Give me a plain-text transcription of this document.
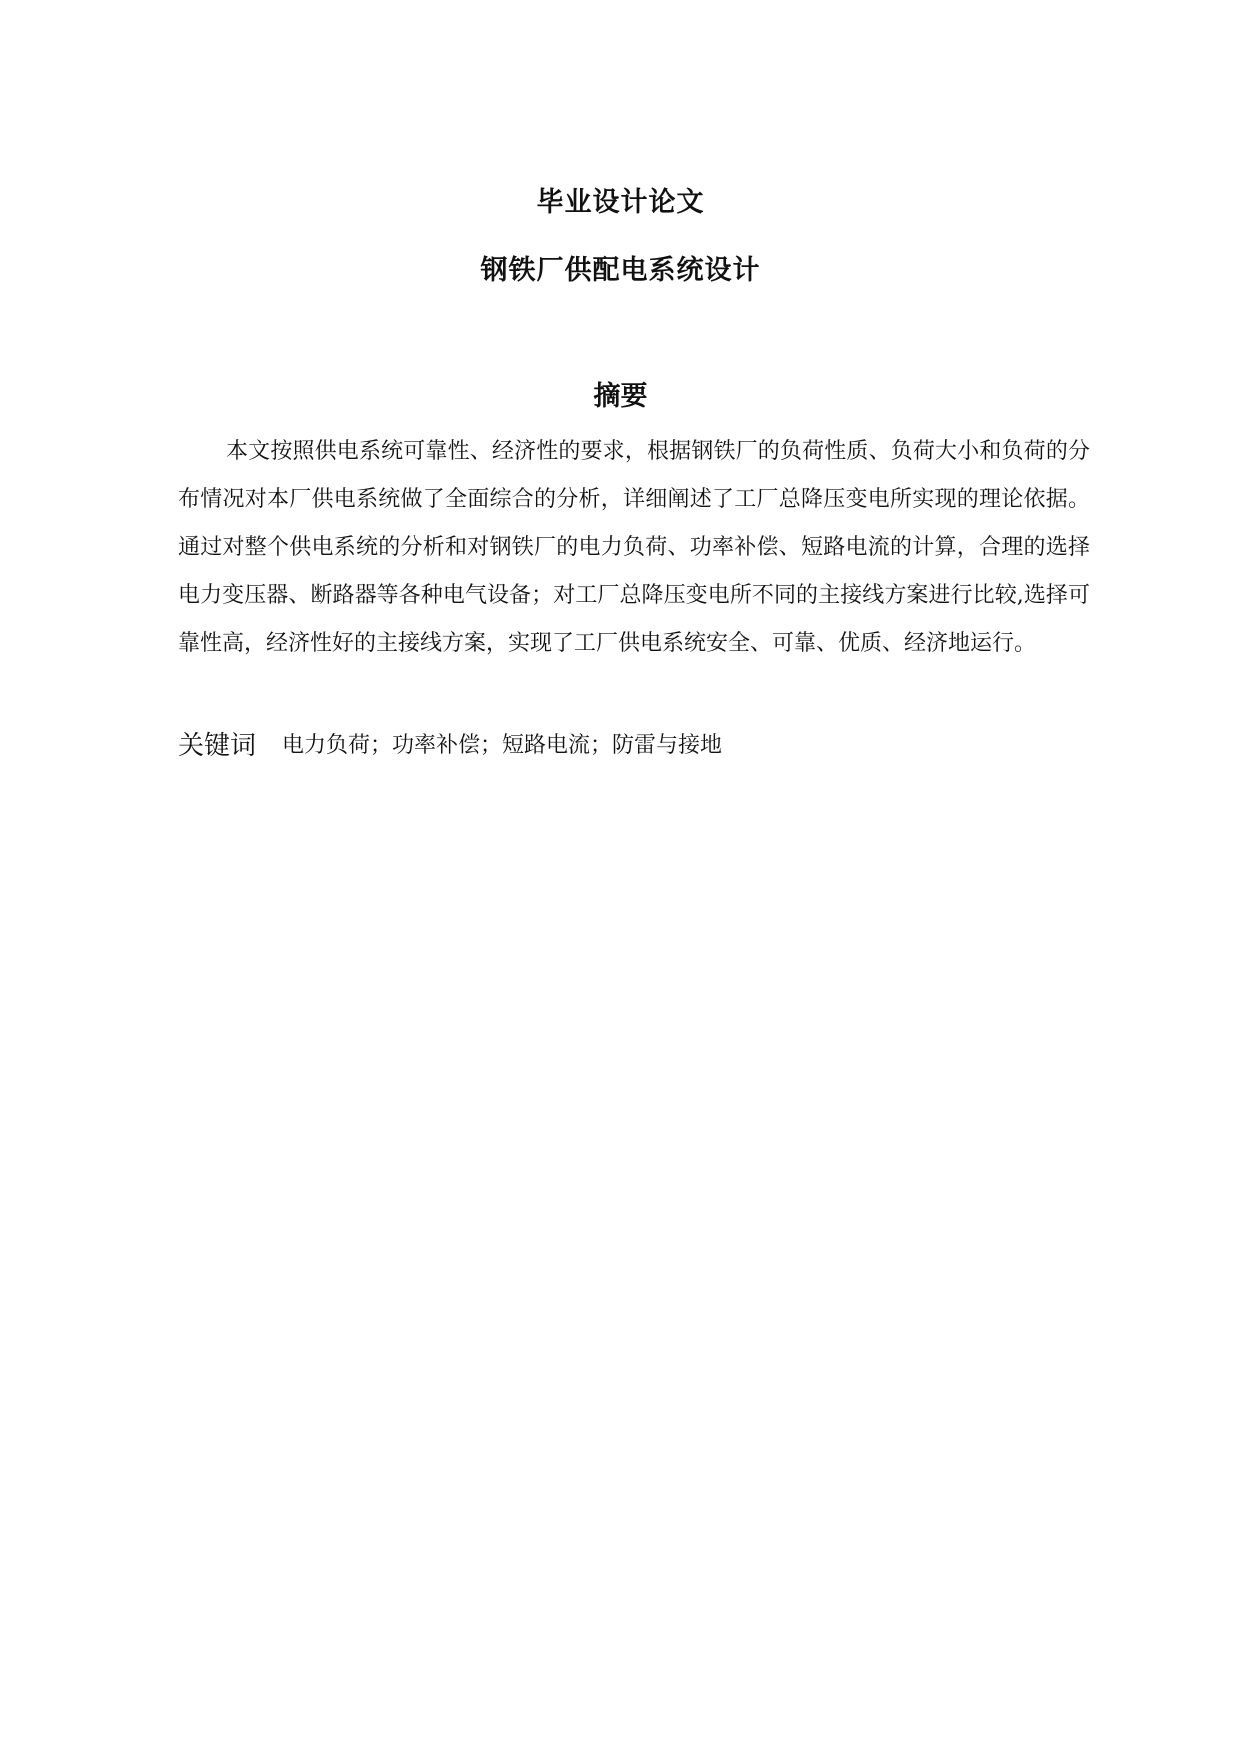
毕业设计论文
钢铁厂供配电系统设计
摘要

本文按照供电系统可靠性、经济性的要求，根据钢铁厂的负荷性质、负荷大小和负荷的分布情况对本厂供电系统做了全面综合的分析，详细阐述了工厂总降压变电所实现的理论依据。通过对整个供电系统的分析和对钢铁厂的电力负荷、功率补偿、短路电流的计算，合理的选择电力变压器、断路器等各种电气设备；对工厂总降压变电所不同的主接线方案进行比较,选择可靠性高，经济性好的主接线方案，实现了工厂供电系统安全、可靠、优质、经济地运行。

关键词 电力负荷；功率补偿；短路电流；防雷与接地
